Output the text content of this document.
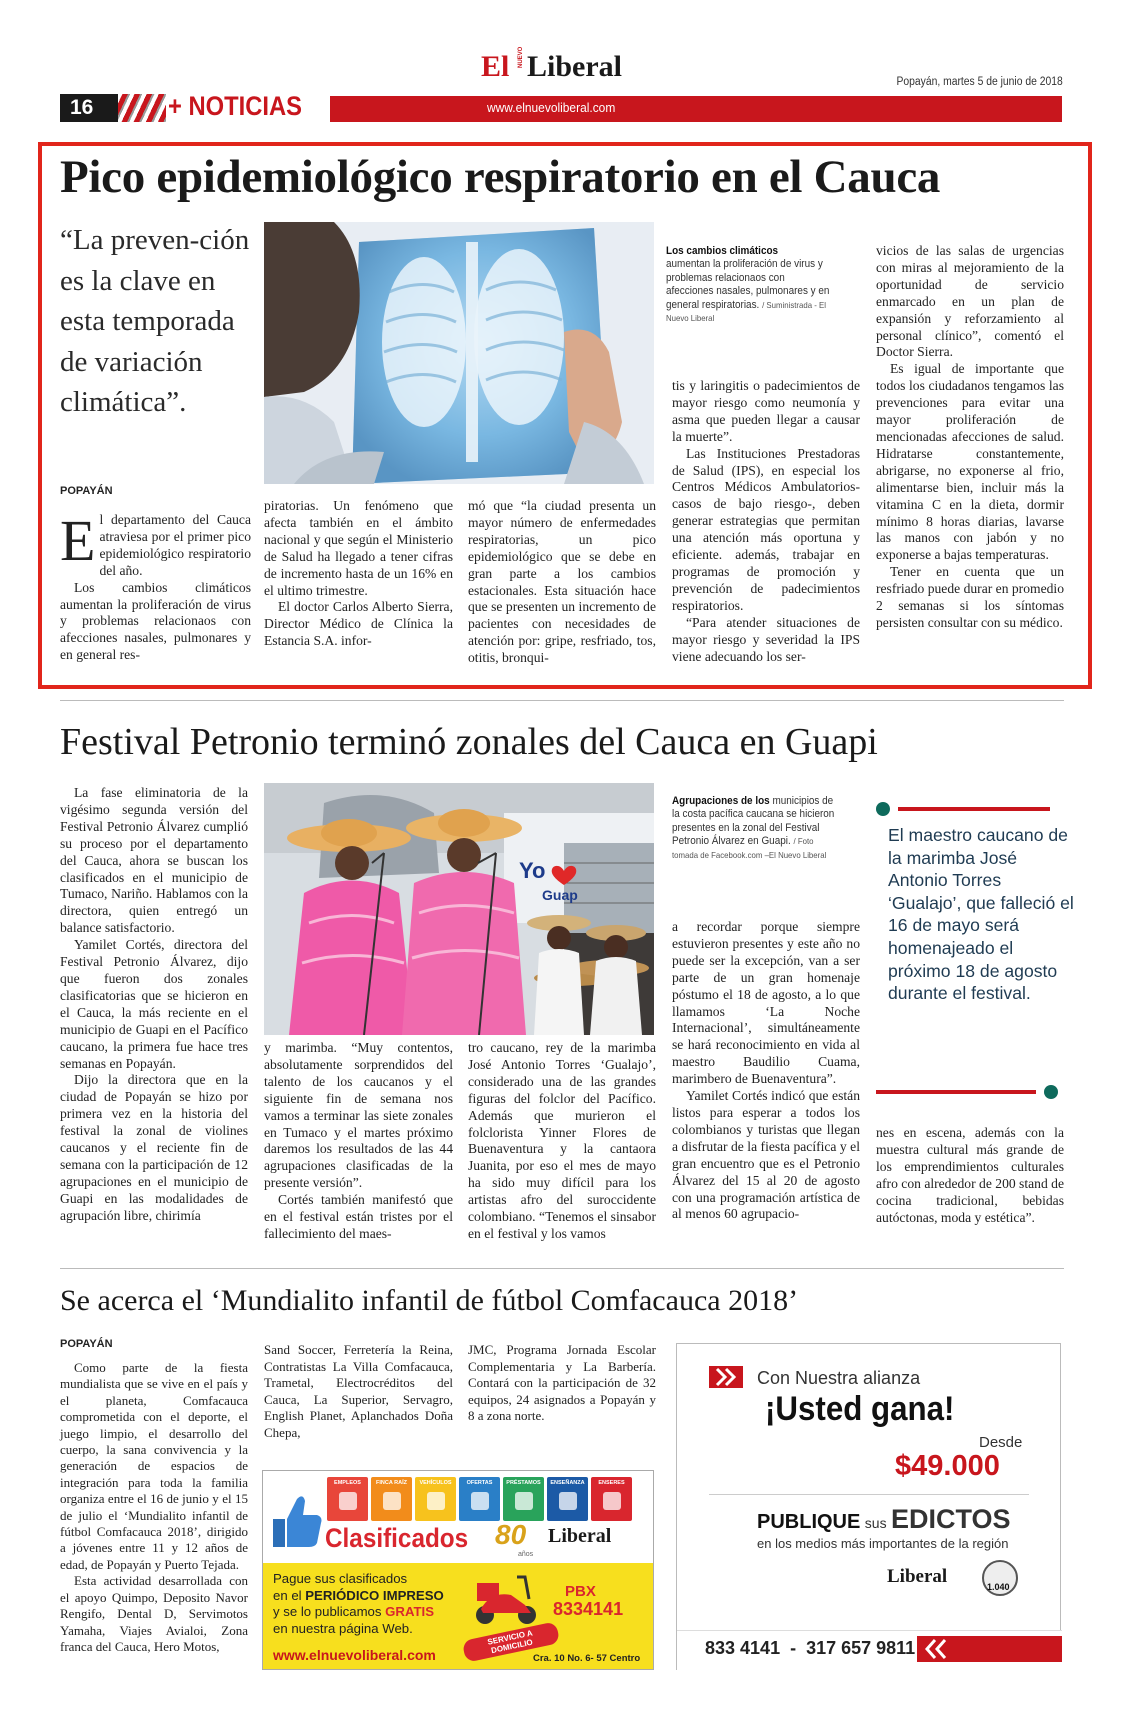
16	+ NOTICIAS
El NUEVO Liberal
www.elnuevoliberal.com
Popayán, martes 5 de junio de 2018
Pico epidemiológico respiratorio en el Cauca
“La preven-ción es la clave en esta temporada de variación climática”.
POPAYÁN

El departamento del Cauca atraviesa por el primer pico epidemiológico respiratorio del año.

Los cambios climáticos aumentan la proliferación de virus y problemas relacionaos con afecciones nasales, pulmonares y en general res-

piratorias. Un fenómeno que afecta también en el ámbito nacional y que según el Ministerio de Salud ha llegado a tener cifras de incremento hasta de un 16% en el ultimo trimestre.

El doctor Carlos Alberto Sierra, Director Médico de Clínica la Estancia S.A. infor-

mó que “la ciudad presenta un mayor número de enfermedades respiratorias, un pico epidemiológico que se debe en gran parte a los cambios estacionales. Esta situación hace que se presenten un incremento de pacientes con necesidades de atención por: gripe, resfriado, tos, otitis, bronqui-

Los cambios climáticos
aumentan la proliferación de virus y problemas relacionaos con afecciones nasales, pulmonares y en general respiratorias. / Suministrada - El Nuevo Liberal

tis y laringitis o padecimientos de mayor riesgo como neumonía y asma que pueden llegar a causar la muerte”.

Las Instituciones Prestadoras de Salud (IPS), en especial los Centros Médicos Ambulatorios- casos de bajo riesgo-, deben generar estrategias que permitan una atención más oportuna y eficiente. además, trabajar en programas de promoción y prevención de padecimientos respiratorios.

“Para atender situaciones de mayor riesgo y severidad la IPS viene adecuando los ser-

vicios de las salas de urgencias con miras al mejoramiento de la oportunidad de servicio enmarcado en un plan de expansión y reforzamiento al personal clínico”, comentó el Doctor Sierra.

Es igual de importante que todos los ciudadanos tengamos las prevenciones para evitar una mayor proliferación de mencionadas afecciones de salud. Hidratarse constantemente, abrigarse, no exponerse al frio, alimentarse bien, incluir más la vitamina C en la dieta, dormir mínimo 8 horas diarias, lavarse las manos con jabón y no exponerse a bajas temperaturas.

Tener en cuenta que un resfriado puede durar en promedio 2 semanas si los síntomas persisten consultar con su médico.

Festival Petronio terminó zonales del Cauca en Guapi

La fase eliminatoria de la vigésimo segunda versión del Festival Petronio Álvarez cumplió su proceso por el departamento del Cauca, ahora se buscan los clasificados en el municipio de Tumaco, Nariño. Hablamos con la directora, quien entregó un balance satisfactorio.

Yamilet Cortés, directora del Festival Petronio Álvarez, dijo que fueron dos zonales clasificatorias que se hicieron en el Cauca, la más reciente en el municipio de Guapi en el Pacífico caucano, la primera fue hace tres semanas en Popayán.

Dijo la directora que en la ciudad de Popayán se hizo por primera vez en la historia del festival la zonal de violines caucanos y el reciente fin de semana con la participación de 12 agrupaciones en el municipio de Guapi en las modalidades de agrupación libre, chirimía

Yo
Guap

y marimba. “Muy contentos, absolutamente sorprendidos del talento de los caucanos y el siguiente fin de semana nos vamos a terminar las siete zonales en Tumaco y el martes próximo daremos los resultados de las 44 agrupaciones clasificadas de la presente versión”.

Cortés también manifestó que en el festival están tristes por el fallecimiento del maes-

tro caucano, rey de la marimba José Antonio Torres ‘Gualajo’, considerado una de las grandes figuras del folclor del Pacífico. Además que murieron el folclorista Yinner Flores de Buenaventura y la cantaora Juanita, por eso el mes de mayo ha sido muy difícil para los artistas afro del suroccidente colombiano. “Tenemos el sinsabor en el festival y los vamos

Agrupaciones de los municipios de la costa pacífica caucana se hicieron presentes en la zonal del Festival Petronio Álvarez en Guapi. / Foto tomada de Facebook.com –El Nuevo Liberal

a recordar porque siempre estuvieron presentes y este año no puede ser la excepción, van a ser parte de un gran homenaje póstumo el 18 de agosto, a lo que llamamos ‘La Noche Internacional’, simultáneamente se hará reconocimiento en vida al maestro Baudilio Cuama, marimbero de Buenaventura”.

Yamilet Cortés indicó que están listos para esperar a todos los colombianos y turistas que llegan a disfrutar de la fiesta pacífica y el gran encuentro que es el Petronio Álvarez del 15 al 20 de agosto con una programación artística de al menos 60 agrupacio-

El maestro caucano de la marimba José Antonio Torres ‘Gualajo’, que falleció el 16 de mayo será homenajeado el próximo 18 de agosto durante el festival.

nes en escena, además con la muestra cultural más grande de los emprendimientos culturales afro con alrededor de 200 stand de cocina tradicional, bebidas autóctonas, moda y estética”.

Se acerca el ‘Mundialito infantil de fútbol Comfacauca 2018’
POPAYÁN

Como parte de la fiesta mundialista que se vive en el país y el planeta, Comfacauca comprometida con el deporte, el juego limpio, el desarrollo del cuerpo, la sana convivencia y la generación de espacios de integración para toda la familia organiza entre el 16 de junio y el 15 de julio el ‘Mundialito infantil de fútbol Comfacauca 2018’, dirigido a jóvenes entre 11 y 12 años de edad, de Popayán y Puerto Tejada.

Esta actividad desarrollada con el apoyo Quimpo, Deposito Navor Rengifo, Dental D, Servimotos Yamaha, Viajes Avialoi, Zona franca del Cauca, Hero Motos,

Sand Soccer, Ferretería la Reina, Contratistas La Villa Comfacauca, Trametal, Electrocréditos del Cauca, La Superior, Servagro, English Planet, Aplanchados Doña Chepa,

JMC, Programa Jornada Escolar Complementaria y La Barbería. Contará con la participación de 32 equipos, 24 asignados a Popayán y 8 a zona norte.

EMPLEOS	FINCA RAÍZ	VEHÍCULOS	OFERTAS	PRÉSTAMOS	ENSEÑANZA	ENSERES
Clasificados 80
años
Liberal
Pague sus clasificados
en el PERIÓDICO IMPRESO
y se lo publicamos GRATIS
en nuestra página Web.
www.elnuevoliberal.com
SERVICIO A DOMICILIO
PBX
8334141
Cra. 10 No. 6- 57 Centro
Con Nuestra alianza
¡Usted gana!
Desde
$49.000
PUBLIQUE sus EDICTOS
en los medios más importantes de la región
Liberal	1.040
833 4141  -  317 657 9811
